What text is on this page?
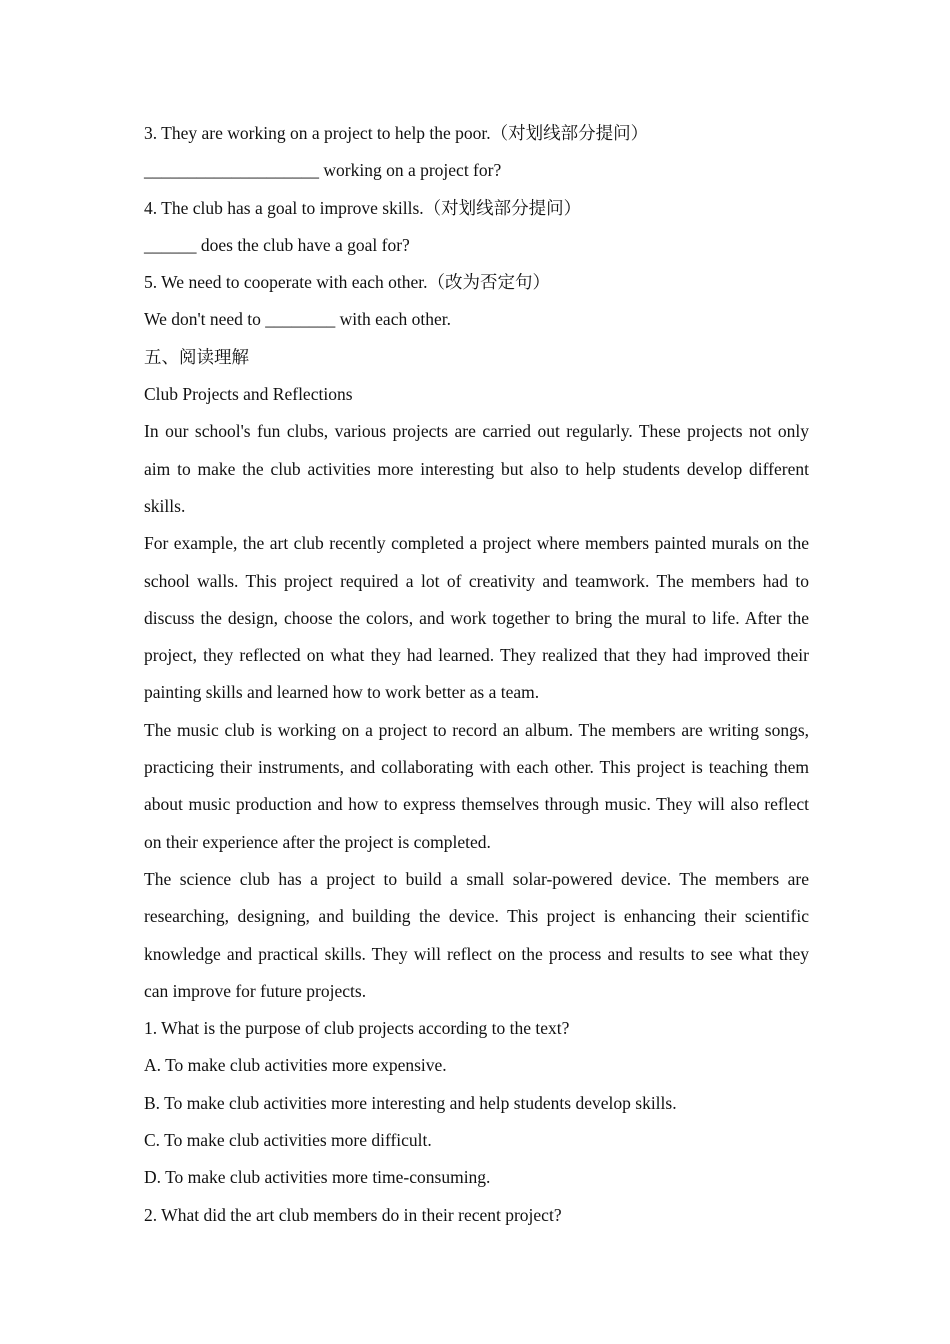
3. They are working on a project to help the poor.（对划线部分提问）
____________________ working on a project for?
4. The club has a goal to improve skills.（对划线部分提问）
______ does the club have a goal for?
5. We need to cooperate with each other.（改为否定句）
We don't need to ________ with each other.
五、阅读理解
Club Projects and Reflections

In our school's fun clubs, various projects are carried out regularly. These projects not only aim to make the club activities more interesting but also to help students develop different skills.

For example, the art club recently completed a project where members painted murals on the school walls. This project required a lot of creativity and teamwork. The members had to discuss the design, choose the colors, and work together to bring the mural to life. After the project, they reflected on what they had learned. They realized that they had improved their painting skills and learned how to work better as a team.

The music club is working on a project to record an album. The members are writing songs, practicing their instruments, and collaborating with each other. This project is teaching them about music production and how to express themselves through music. They will also reflect on their experience after the project is completed.

The science club has a project to build a small solar-powered device. The members are researching, designing, and building the device. This project is enhancing their scientific knowledge and practical skills. They will reflect on the process and results to see what they can improve for future projects.

1. What is the purpose of club projects according to the text?
A. To make club activities more expensive.
B. To make club activities more interesting and help students develop skills.
C. To make club activities more difficult.
D. To make club activities more time-consuming.
2. What did the art club members do in their recent project?
